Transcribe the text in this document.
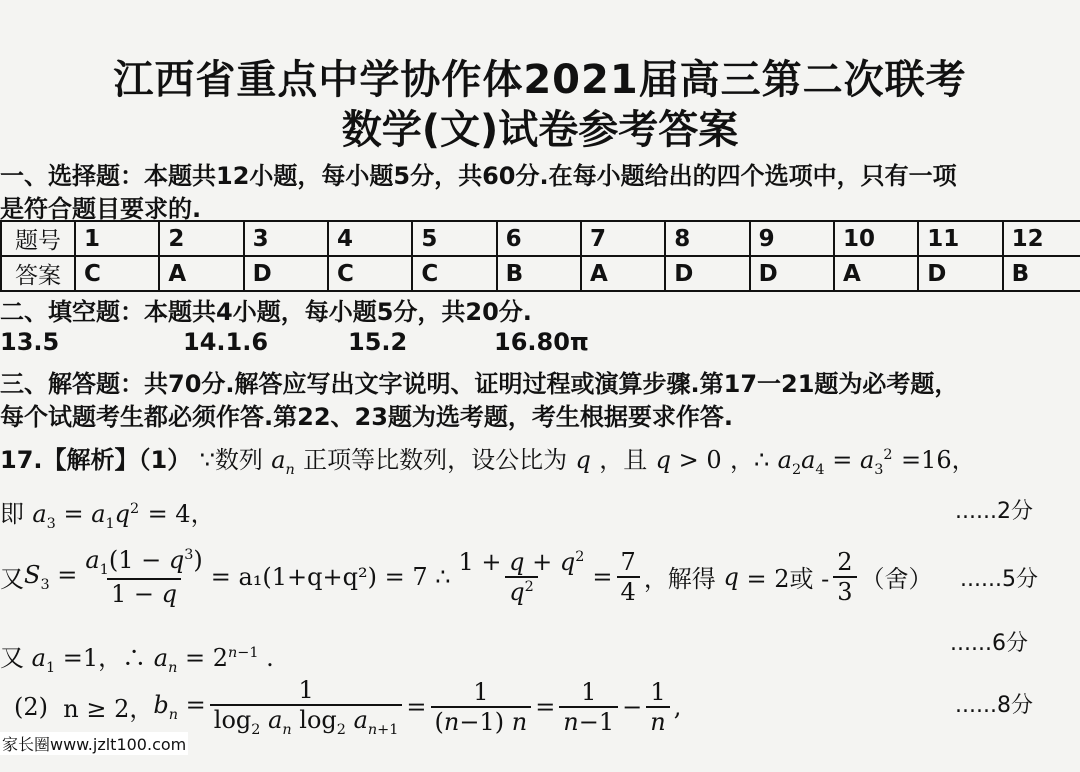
江西省重点中学协作体2021届高三第二次联考
数学(文)试卷参考答案
一、选择题：本题共12小题，每小题5分，共60分.在每小题给出的四个选项中，只有一项
是符合题目要求的.
题号	1	2	3	4	5	6	7	8	9	10	11	12
答案	C	A	D	C	C	B	A	D	D	A	D	B
二、填空题：本题共4小题，每小题5分，共20分.
13.5	14.1.6	15.2	16.80π
三、解答题：共70分.解答应写出文字说明、证明过程或演算步骤.第17一21题为必考题，
每个试题考生都必须作答.第22、23题为选考题，考生根据要求作答.
17.【解析】（1） ∵数列 $a_n$ 正项等比数列，设公比为 q ，且 q > 0 ，∴ $a_2a_4 = a_3^2 =16$，
即 $a_3 = a_1q^2 = 4$，	......2分
又 $S_3 = \frac{a_1(1 - q^3)}{1 - q} = a_1(1+q+q^2) = 7$ ∴ $\frac{1 + q + q^2}{q^2} = \frac{7}{4}$ ，解得 q = 2或 - $\frac{2}{3}$ （舍） ......5分
又 $a_1 =1$，∴ $a_n = 2^{n-1}$ .
......6分
(2)
n ≥ 2， $b_n = \frac{1}{\log_2 a_n \log_2 a_{n+1}} = \frac{1}{(n-1) n} = \frac{1}{n-1} - \frac{1}{n}$ ,	......8分
家长圈www.jzlt100.com
